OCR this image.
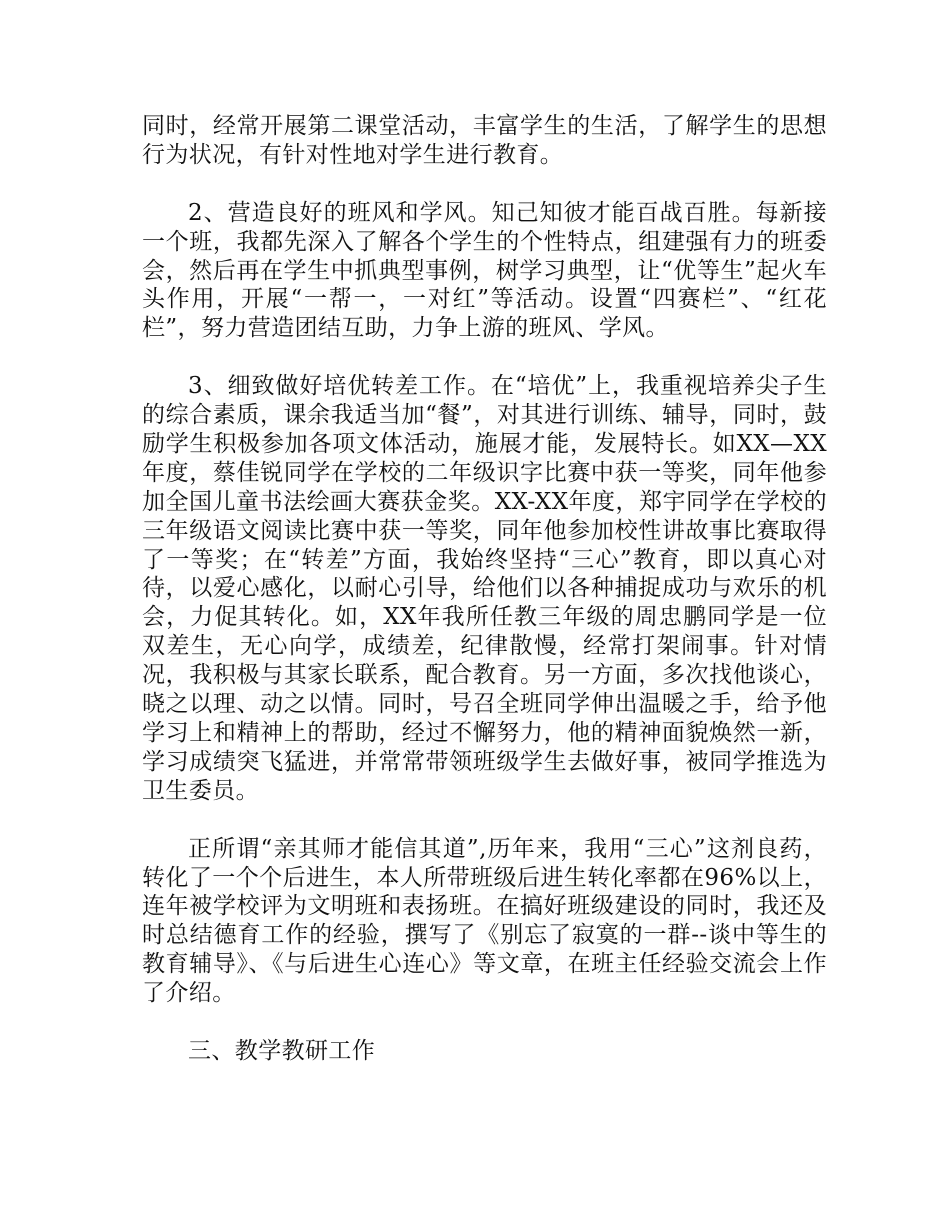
同时，经常开展第二课堂活动，丰富学生的生活，了解学生的思想行为状况，有针对性地对学生进行教育。

2、营造良好的班风和学风。知己知彼才能百战百胜。每新接一个班，我都先深入了解各个学生的个性特点，组建强有力的班委会，然后再在学生中抓典型事例，树学习典型，让“优等生”起火车头作用，开展“一帮一，一对红”等活动。设置“四赛栏”、“红花栏”，努力营造团结互助，力争上游的班风、学风。

3、细致做好培优转差工作。在“培优”上，我重视培养尖子生的综合素质，课余我适当加“餐”，对其进行训练、辅导，同时，鼓励学生积极参加各项文体活动，施展才能，发展特长。如XX—XX年度，蔡佳锐同学在学校的二年级识字比赛中获一等奖，同年他参加全国儿童书法绘画大赛获金奖。XX-XX年度，郑宇同学在学校的三年级语文阅读比赛中获一等奖，同年他参加校性讲故事比赛取得了一等奖；在“转差”方面，我始终坚持“三心”教育，即以真心对待，以爱心感化，以耐心引导，给他们以各种捕捉成功与欢乐的机会，力促其转化。如，XX年我所任教三年级的周忠鹏同学是一位双差生，无心向学，成绩差，纪律散慢，经常打架闹事。针对情况，我积极与其家长联系，配合教育。另一方面，多次找他谈心，晓之以理、动之以情。同时，号召全班同学伸出温暖之手，给予他学习上和精神上的帮助，经过不懈努力，他的精神面貌焕然一新，学习成绩突飞猛进，并常常带领班级学生去做好事，被同学推选为卫生委员。

正所谓“亲其师才能信其道”,历年来，我用“三心”这剂良药，转化了一个个后进生，本人所带班级后进生转化率都在96%以上，连年被学校评为文明班和表扬班。在搞好班级建设的同时，我还及时总结德育工作的经验，撰写了《别忘了寂寞的一群--谈中等生的教育辅导》、《与后进生心连心》等文章，在班主任经验交流会上作了介绍。

三、教学教研工作
